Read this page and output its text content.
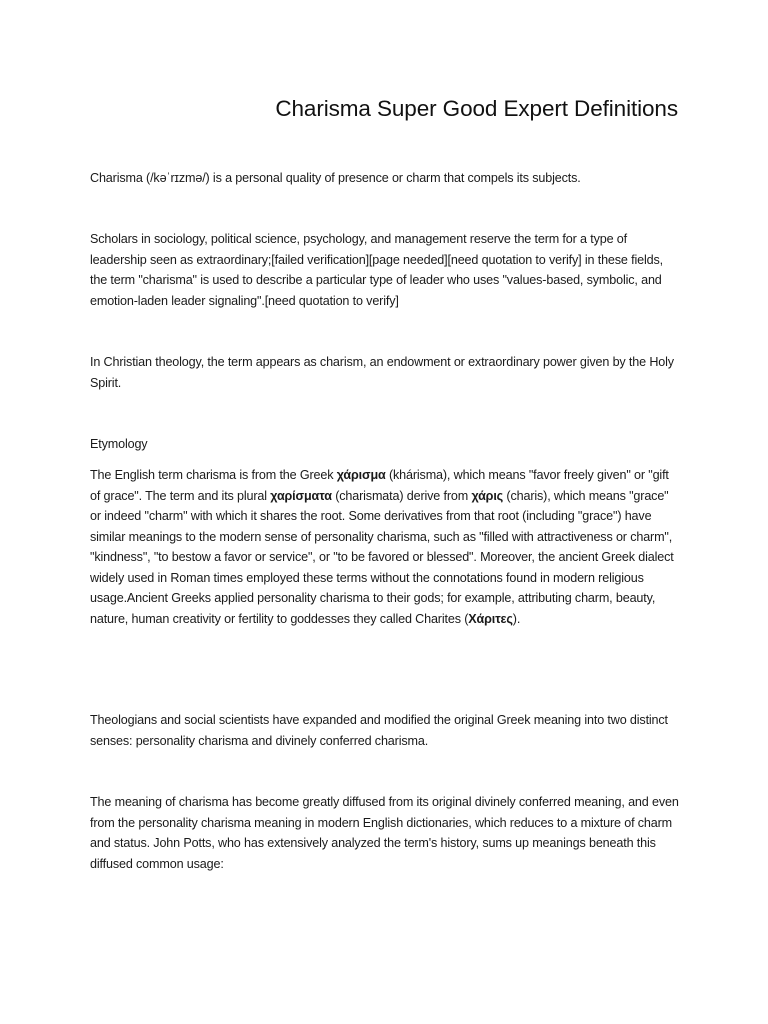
Charisma Super Good Expert Definitions

Charisma (/kəˈrɪzmə/) is a personal quality of presence or charm that compels its subjects.

Scholars in sociology, political science, psychology, and management reserve the term for a type of leadership seen as extraordinary;[failed verification][page needed][need quotation to verify] in these fields, the term "charisma" is used to describe a particular type of leader who uses "values-based, symbolic, and emotion-laden leader signaling".[need quotation to verify]

In Christian theology, the term appears as charism, an endowment or extraordinary power given by the Holy Spirit.

Etymology

The English term charisma is from the Greek χάρισμα (khárisma), which means "favor freely given" or "gift of grace". The term and its plural χαρίσματα (charismata) derive from χάρις (charis), which means "grace" or indeed "charm" with which it shares the root. Some derivatives from that root (including "grace") have similar meanings to the modern sense of personality charisma, such as "filled with attractiveness or charm", "kindness", "to bestow a favor or service", or "to be favored or blessed". Moreover, the ancient Greek dialect widely used in Roman times employed these terms without the connotations found in modern religious usage.Ancient Greeks applied personality charisma to their gods; for example, attributing charm, beauty, nature, human creativity or fertility to goddesses they called Charites (Χάριτες).

Theologians and social scientists have expanded and modified the original Greek meaning into two distinct senses: personality charisma and divinely conferred charisma.

The meaning of charisma has become greatly diffused from its original divinely conferred meaning, and even from the personality charisma meaning in modern English dictionaries, which reduces to a mixture of charm and status. John Potts, who has extensively analyzed the term's history, sums up meanings beneath this diffused common usage:
